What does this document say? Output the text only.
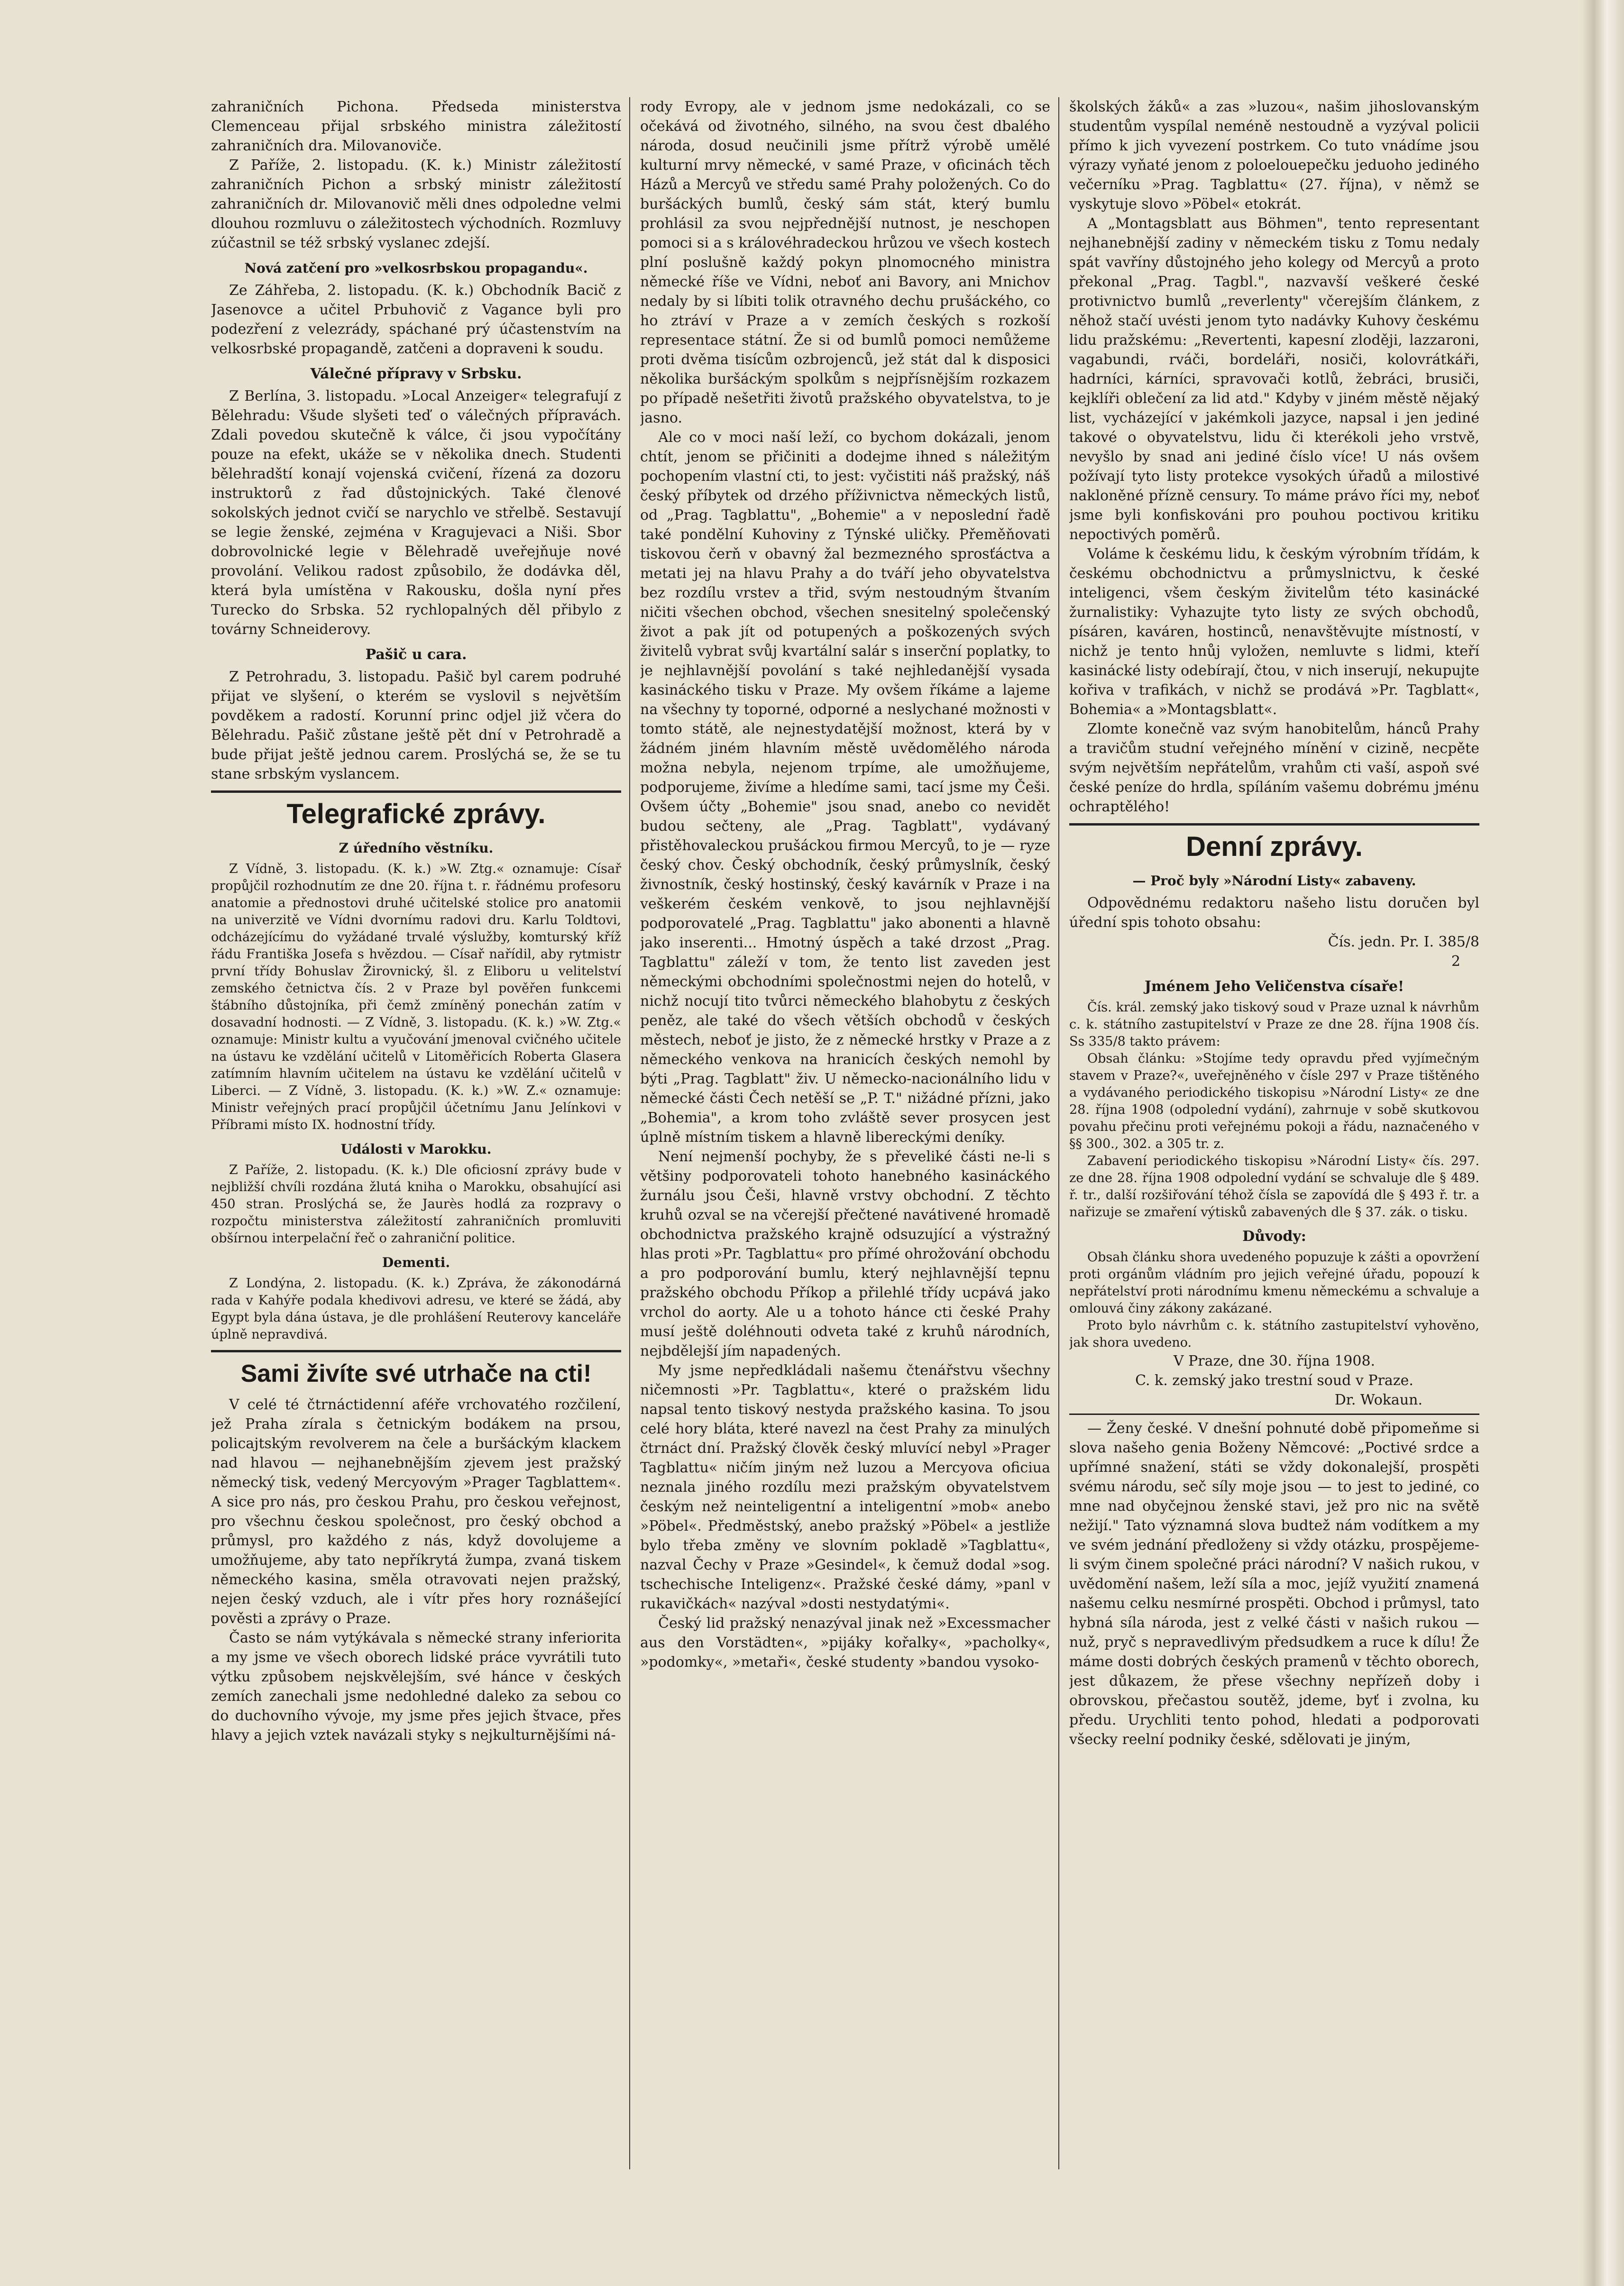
zahraničních Pichona. Předseda ministerstva Clemenceau přijal srbského ministra záležitostí zahraničních dra. Milovanoviče.

Z Paříže, 2. listopadu. (K. k.) Ministr záležitostí zahraničních Pichon a srbský ministr záležitostí zahraničních dr. Milovanovič měli dnes odpoledne velmi dlouhou rozmluvu o záležitostech východních. Rozmluvy zúčastnil se též srbský vyslanec zdejší.

Nová zatčení pro »velkosrbskou propagandu«.

Ze Záhřeba, 2. listopadu. (K. k.) Obchodník Bacič z Jasenovce a učitel Prbuhovič z Vagance byli pro podezření z velezrády, spáchané prý účastenstvím na velkosrbské propagandě, zatčeni a dopraveni k soudu.

Válečné přípravy v Srbsku.

Z Berlína, 3. listopadu. »Local Anzeiger« telegrafují z Bělehradu: Všude slyšeti teď o válečných přípravách. Zdali povedou skutečně k válce, či jsou vypočítány pouze na efekt, ukáže se v několika dnech. Studenti bělehradští konají vojenská cvičení, řízená za dozoru instruktorů z řad důstojnických. Také členové sokolských jednot cvičí se narychlo ve střelbě. Sestavují se legie ženské, zejména v Kragujevaci a Niši. Sbor dobrovolnické legie v Bělehradě uveřejňuje nové provolání. Velikou radost způsobilo, že dodávka děl, která byla umístěna v Rakousku, došla nyní přes Turecko do Srbska. 52 rychlopalných děl přibylo z továrny Schneiderovy.

Pašič u cara.

Z Petrohradu, 3. listopadu. Pašič byl carem podruhé přijat ve slyšení, o kterém se vyslovil s největším povděkem a radostí. Korunní princ odjel již včera do Bělehradu. Pašič zůstane ještě pět dní v Petrohradě a bude přijat ještě jednou carem. Proslýchá se, že se tu stane srbským vyslancem.

Telegrafické zprávy.
Z úředního věstníku.

Z Vídně, 3. listopadu. (K. k.) »W. Ztg.« oznamuje: Císař propůjčil rozhodnutím ze dne 20. října t. r. řádnému profesoru anatomie a přednostovi druhé učitelské stolice pro anatomii na univerzitě ve Vídni dvornímu radovi dru. Karlu Toldtovi, odcházejícímu do vyžádané trvalé výslužby, komturský kříž řádu Františka Josefa s hvězdou. — Císař nařídil, aby rytmistr první třídy Bohuslav Žirovnický, šl. z Eliboru u velitelství zemského četnictva čís. 2 v Praze byl pověřen funkcemi štábního důstojníka, při čemž zmíněný ponechán zatím v dosavadní hodnosti. — Z Vídně, 3. listopadu. (K. k.) »W. Ztg.« oznamuje: Ministr kultu a vyučování jmenoval cvičného učitele na ústavu ke vzdělání učitelů v Litoměřicích Roberta Glasera zatímním hlavním učitelem na ústavu ke vzdělání učitelů v Liberci. — Z Vídně, 3. listopadu. (K. k.) »W. Z.« oznamuje: Ministr veřejných prací propůjčil účetnímu Janu Jelínkovi v Příbrami místo IX. hodnostní třídy.

Události v Marokku.

Z Paříže, 2. listopadu. (K. k.) Dle oficiosní zprávy bude v nejbližší chvíli rozdána žlutá kniha o Marokku, obsahující asi 450 stran. Proslýchá se, že Jaurès hodlá za rozpravy o rozpočtu ministerstva záležitostí zahraničních promluviti obšírnou interpelační řeč o zahraniční politice.

Dementi.

Z Londýna, 2. listopadu. (K. k.) Zpráva, že zákonodárná rada v Kahýře podala khedivovi adresu, ve které se žádá, aby Egypt byla dána ústava, je dle prohlášení Reuterovy kanceláře úplně nepravdivá.

Sami živíte své utrhače na cti!

V celé té čtrnáctidenní aféře vrchovatého rozčilení, jež Praha zírala s četnickým bodákem na prsou, policajtským revolverem na čele a buršáckým klackem nad hlavou — nejhanebnějším zjevem jest pražský německý tisk, vedený Mercyovým »Prager Tagblattem«. A sice pro nás, pro českou Prahu, pro českou veřejnost, pro všechnu českou společnost, pro český obchod a průmysl, pro každého z nás, když dovolujeme a umožňujeme, aby tato nepříkrytá žumpa, zvaná tiskem německého kasina, směla otravovati nejen pražský, nejen český vzduch, ale i vítr přes hory roznášející pověsti a zprávy o Praze.

Často se nám vytýkávala s německé strany inferiorita a my jsme ve všech oborech lidské práce vyvrátili tuto výtku způsobem nejskvělejším, své hánce v českých zemích zanechali jsme nedohledné daleko za sebou co do duchovního vývoje, my jsme přes jejich štvace, přes hlavy a jejich vztek navázali styky s nejkulturnějšími ná-

rody Evropy, ale v jednom jsme nedokázali, co se očekává od životného, silného, na svou čest dbalého národa, dosud neučinili jsme přítrž výrobě umělé kulturní mrvy německé, v samé Praze, v oficinách těch Házů a Mercyů ve středu samé Prahy položených. Co do buršáckých bumlů, český sám stát, který bumlu prohlásil za svou nejpřednější nutnost, je neschopen pomoci si a s královéhradeckou hrůzou ve všech kostech plní poslušně každý pokyn plnomocného ministra německé říše ve Vídni, neboť ani Bavory, ani Mnichov nedaly by si líbiti tolik otravného dechu prušáckého, co ho ztráví v Praze a v zemích českých s rozkoší representace státní. Že si od bumlů pomoci nemůžeme proti dvěma tisícům ozbrojenců, jež stát dal k disposici několika buršáckým spolkům s nejpřísnějším rozkazem po případě nešetřiti životů pražského obyvatelstva, to je jasno.

Ale co v moci naší leží, co bychom dokázali, jenom chtít, jenom se přičiniti a dodejme ihned s náležitým pochopením vlastní cti, to jest: vyčistiti náš pražský, náš český příbytek od drzého příživnictva německých listů, od „Prag. Tagblattu", „Bohemie" a v neposlední řadě také pondělní Kuhoviny z Týnské uličky. Přeměňovati tiskovou čerň v obavný žal bezmezného sprosťáctva a metati jej na hlavu Prahy a do tváří jeho obyvatelstva bez rozdílu vrstev a třid, svým nestoudným štvaním ničiti všechen obchod, všechen snesitelný společenský život a pak jít od potupených a poškozených svých živitelů vybrat svůj kvartální salár s inserční poplatky, to je nejhlavnější povolání s také nejhledanější vysada kasináckého tisku v Praze. My ovšem říkáme a lajeme na všechny ty toporné, odporné a neslychané možnosti v tomto státě, ale nejnestydatější možnost, která by v žádném jiném hlavním městě uvědomělého národa možna nebyla, nejenom trpíme, ale umožňujeme, podporujeme, živíme a hledíme sami, tací jsme my Češi. Ovšem účty „Bohemie" jsou snad, anebo co nevidět budou sečteny, ale „Prag. Tagblatt", vydávaný přistěhovaleckou prušáckou firmou Mercyů, to je — ryze český chov. Český obchodník, český průmyslník, český živnostník, český hostinský, český kavárník v Praze i na veškerém českém venkově, to jsou nejhlavnější podporovatelé „Prag. Tagblattu" jako abonenti a hlavně jako inserenti... Hmotný úspěch a také drzost „Prag. Tagblattu" záleží v tom, že tento list zaveden jest německými obchodními společnostmi nejen do hotelů, v nichž nocují tito tvůrci německého blahobytu z českých peněz, ale také do všech větších obchodů v českých městech, neboť je jisto, že z německé hrstky v Praze a z německého venkova na hranicích českých nemohl by býti „Prag. Tagblatt" živ. U německo-nacionálního lidu v německé části Čech netěší se „P. T." nižádné přízni, jako „Bohemia", a krom toho zvláště sever prosycen jest úplně místním tiskem a hlavně libereckými deníky.

Není nejmenší pochyby, že s převeliké části ne-li s většiny podporovateli tohoto hanebného kasináckého žurnálu jsou Češi, hlavně vrstvy obchodní. Z těchto kruhů ozval se na včerejší přečtené navátivené hromadě obchodnictva pražského krajně odsuzující a výstražný hlas proti »Pr. Tagblattu« pro přímé ohrožování obchodu a pro podporování bumlu, který nejhlavnější tepnu pražského obchodu Příkop a přilehlé třídy ucpává jako vrchol do aorty. Ale u a tohoto hánce cti české Prahy musí ještě doléhnouti odveta také z kruhů národních, nejbdělejší jím napadených.

My jsme nepředkládali našemu čtenářstvu všechny ničemnosti »Pr. Tagblattu«, které o pražském lidu napsal tento tiskový nestyda pražského kasina. To jsou celé hory bláta, které navezl na čest Prahy za minulých čtrnáct dní. Pražský člověk český mluvící nebyl »Prager Tagblattu« ničím jiným než luzou a Mercyova oficiua neznala jiného rozdílu mezi pražským obyvatelstvem českým než neinteligentní a inteligentní »mob« anebo »Pöbel«. Předměstský, anebo pražský »Pöbel« a jestliže bylo třeba změny ve slovním pokladě »Tagblattu«, nazval Čechy v Praze »Gesindel«, k čemuž dodal »sog. tschechische Inteligenz«. Pražské české dámy, »panl v rukavičkách« nazýval »dosti nestydatými«.

Český lid pražský nenazýval jinak než »Excessmacher aus den Vorstädten«, »pijáky kořalky«, »pacholky«, »podomky«, »metaři«, české studenty »bandou vysoko-

školských žáků« a zas »luzou«, našim jihoslovanským studentům vyspílal neméně nestoudně a vyzýval policii přímo k jich vyvezení postrkem. Co tuto vnádíme jsou výrazy vyňaté jenom z poloelouepečku jeduoho jediného večerníku »Prag. Tagblattu« (27. října), v němž se vyskytuje slovo »Pöbel« etokrát.

A „Montagsblatt aus Böhmen", tento representant nejhanebnější zadiny v německém tisku z Tomu nedaly spát vavříny důstojného jeho kolegy od Mercyů a proto překonal „Prag. Tagbl.", nazvavší veškeré české protivnictvo bumlů „reverlenty" včerejším článkem, z něhož stačí uvésti jenom tyto nadávky Kuhovy českému lidu pražskému: „Revertenti, kapesní zloději, lazzaroni, vagabundi, rváči, bordeláři, nosiči, kolovrátkáři, hadrníci, kárníci, spravovači kotlů, žebráci, brusiči, kejklíři oblečení za lid atd." Kdyby v jiném městě nějaký list, vycházející v jakémkoli jazyce, napsal i jen jediné takové o obyvatelstvu, lidu či kterékoli jeho vrstvě, nevyšlo by snad ani jediné číslo více! U nás ovšem požívají tyto listy protekce vysokých úřadů a milostivé nakloněné přízně censury. To máme právo říci my, neboť jsme byli konfiskováni pro pouhou poctivou kritiku nepoctivých poměrů.

Voláme k českému lidu, k českým výrobním třídám, k českému obchodnictvu a průmyslnictvu, k české inteligenci, všem českým živitelům této kasinácké žurnalistiky: Vyhazujte tyto listy ze svých obchodů, písáren, kaváren, hostinců, nenavštěvujte místností, v nichž je tento hnůj vyložen, nemluvte s lidmi, kteří kasinácké listy odebírají, čtou, v nich inserují, nekupujte kořiva v trafikách, v nichž se prodává »Pr. Tagblatt«, Bohemia« a »Montagsblatt«.

Zlomte konečně vaz svým hanobitelům, hánců Prahy a travičům studní veřejného mínění v cizině, necpěte svým největším nepřátelům, vrahům cti vaší, aspoň své české peníze do hrdla, spíláním vašemu dobrému jménu ochraptělého!

Denní zprávy.
— Proč byly »Národní Listy« zabaveny.

Odpovědnému redaktoru našeho listu doručen byl úřední spis tohoto obsahu:

Čís. jedn. Pr. I. 385/8

2

Jménem Jeho Veličenstva císaře!

Čís. král. zemský jako tiskový soud v Praze uznal k návrhům c. k. státního zastupitelství v Praze ze dne 28. října 1908 čís. Ss 335/8 takto právem:

Obsah článku: »Stojíme tedy opravdu před vyjímečným stavem v Praze?«, uveřejněného v čísle 297 v Praze tištěného a vydávaného periodického tiskopisu »Národní Listy« ze dne 28. října 1908 (odpolední vydání), zahrnuje v sobě skutkovou povahu přečinu proti veřejnému pokoji a řádu, naznačeného v §§ 300., 302. a 305 tr. z.

Zabavení periodického tiskopisu »Národní Listy« čís. 297. ze dne 28. října 1908 odpolední vydání se schvaluje dle § 489. ř. tr., další rozšiřování téhož čísla se zapovídá dle § 493 ř. tr. a nařizuje se zmaření výtisků zabavených dle § 37. zák. o tisku.

Důvody:

Obsah článku shora uvedeného popuzuje k zášti a opovržení proti orgánům vládním pro jejich veřejné úřadu, popouzí k nepřátelství proti národnímu kmenu německému a schvaluje a omlouvá činy zákony zakázané.

Proto bylo návrhům c. k. státního zastupitelství vyhověno, jak shora uvedeno.

V Praze, dne 30. října 1908.

C. k. zemský jako trestní soud v Praze.

Dr. Wokaun.

— Ženy české. V dnešní pohnuté době připomeňme si slova našeho genia Boženy Němcové: „Poctivé srdce a upřímné snažení, státi se vždy dokonalejší, prospěti svému národu, seč síly moje jsou — to jest to jediné, co mne nad obyčejnou ženské stavi, jež pro nic na světě nežijí." Tato významná slova budtež nám vodítkem a my ve svém jednání předloženy si vždy otázku, prospějeme-li svým činem společné práci národní? V našich rukou, v uvědomění našem, leží síla a moc, jejíž využití znamená našemu celku nesmírné prospěti. Obchod i průmysl, tato hybná síla národa, jest z velké části v našich rukou — nuž, pryč s nepravedlivým předsudkem a ruce k dílu! Že máme dosti dobrých českých pramenů v těchto oborech, jest důkazem, že přese všechny nepřízeň doby i obrovskou, přečastou soutěž, jdeme, byť i zvolna, ku předu. Urychliti tento pohod, hledati a podporovati všecky reelní podniky české, sdělovati je jiným,
